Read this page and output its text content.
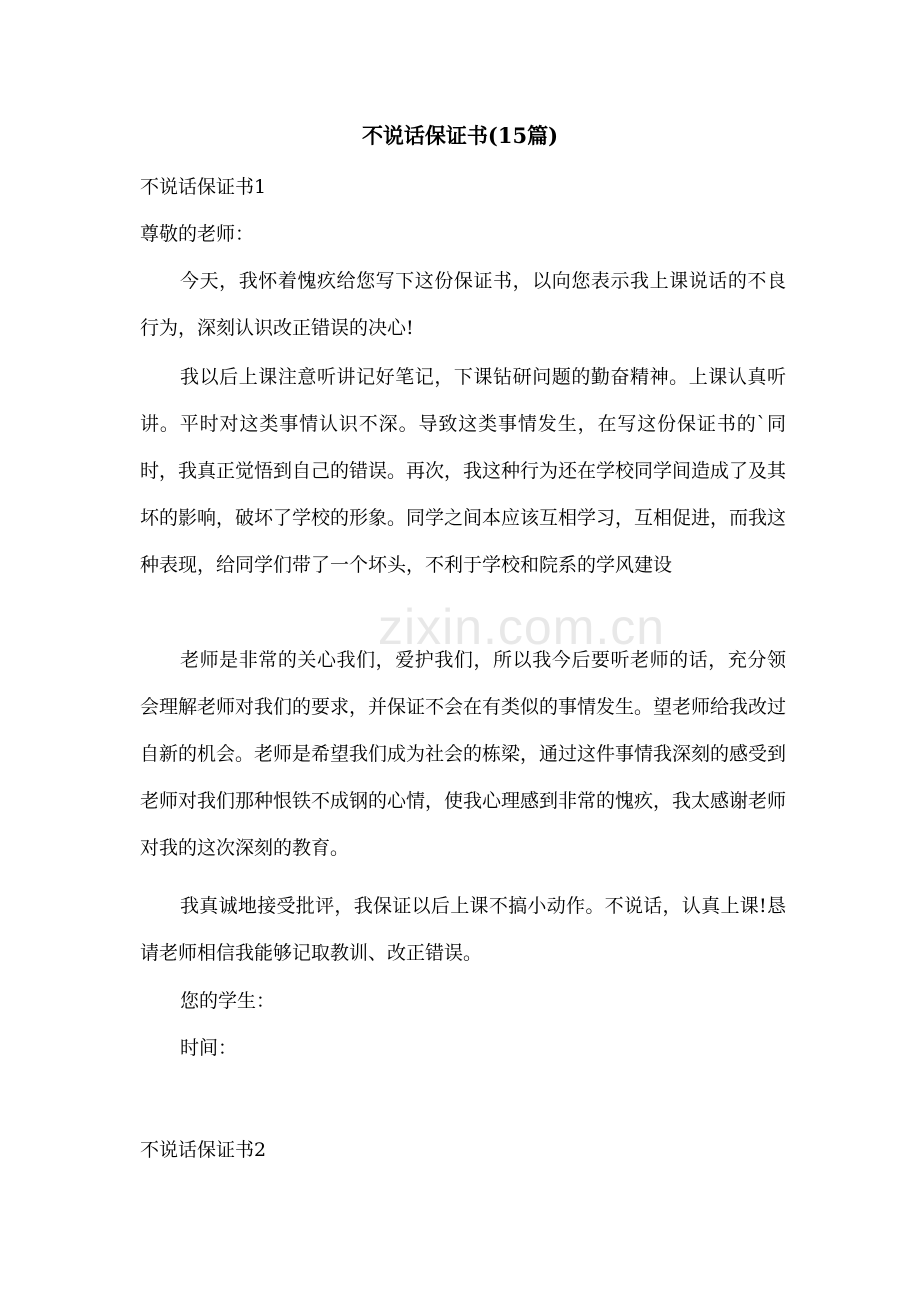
不说话保证书(15篇)

不说话保证书1

尊敬的老师：

今天，我怀着愧疚给您写下这份保证书，以向您表示我上课说话的不良行为，深刻认识改正错误的决心!

我以后上课注意听讲记好笔记，下课钻研问题的勤奋精神。上课认真听讲。平时对这类事情认识不深。导致这类事情发生，在写这份保证书的`同时，我真正觉悟到自己的错误。再次，我这种行为还在学校同学间造成了及其坏的影响，破坏了学校的形象。同学之间本应该互相学习，互相促进，而我这种表现，给同学们带了一个坏头，不利于学校和院系的学风建设

老师是非常的关心我们，爱护我们，所以我今后要听老师的话，充分领会理解老师对我们的要求，并保证不会在有类似的事情发生。望老师给我改过自新的机会。老师是希望我们成为社会的栋梁，通过这件事情我深刻的感受到老师对我们那种恨铁不成钢的心情，使我心理感到非常的愧疚，我太感谢老师对我的这次深刻的教育。

我真诚地接受批评，我保证以后上课不搞小动作。不说话，认真上课!恳请老师相信我能够记取教训、改正错误。

您的学生：

时间：

不说话保证书2

zixin.com.cn
